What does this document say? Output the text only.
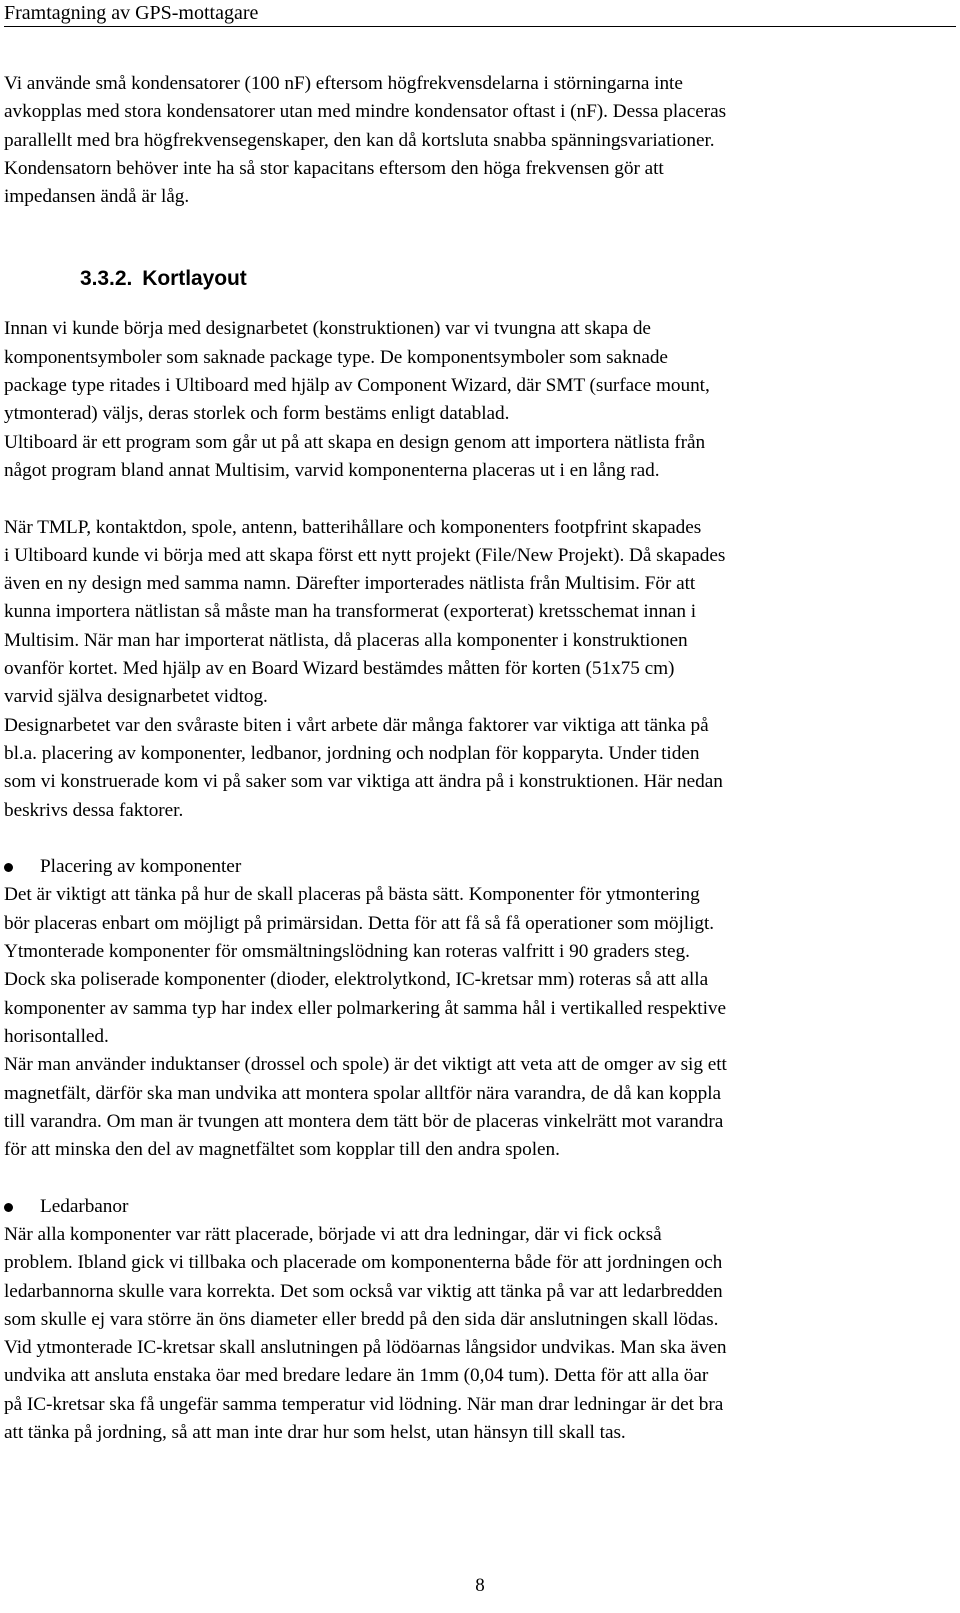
Framtagning av GPS-mottagare

Vi använde små kondensatorer (100 nF) eftersom högfrekvensdelarna i störningarna inte

avkopplas med stora kondensatorer utan med mindre kondensator oftast i (nF). Dessa placeras

parallellt med bra högfrekvensegenskaper, den kan då kortsluta snabba spänningsvariationer.

Kondensatorn behöver inte ha så stor kapacitans eftersom den höga frekvensen gör att

impedansen ändå är låg.

3.3.2. Kortlayout

Innan vi kunde börja med designarbetet (konstruktionen) var vi tvungna att skapa de

komponentsymboler som saknade package type. De komponentsymboler som saknade

package type ritades i Ultiboard med hjälp av Component Wizard, där SMT (surface mount,

ytmonterad) väljs, deras storlek och form bestäms enligt datablad.

Ultiboard är ett program som går ut på att skapa en design genom att importera nätlista från

något program bland annat Multisim, varvid komponenterna placeras ut i en lång rad.

När TMLP, kontaktdon, spole, antenn, batterihållare och komponenters footpfrint skapades

i Ultiboard kunde vi börja med att skapa först ett nytt projekt (File/New Projekt). Då skapades

även en ny design med samma namn. Därefter importerades nätlista från Multisim. För att

kunna importera nätlistan så måste man ha transformerat (exporterat) kretsschemat innan i

Multisim. När man har importerat nätlista, då placeras alla komponenter i konstruktionen

ovanför kortet. Med hjälp av en Board Wizard bestämdes måtten för korten (51x75 cm)

varvid själva designarbetet vidtog.

Designarbetet var den svåraste biten i vårt arbete där många faktorer var viktiga att tänka på

bl.a. placering av komponenter, ledbanor, jordning och nodplan för kopparyta. Under tiden

som vi konstruerade kom vi på saker som var viktiga att ändra på i konstruktionen. Här nedan

beskrivs dessa faktorer.

Placering av komponenter

Det är viktigt att tänka på hur de skall placeras på bästa sätt. Komponenter för ytmontering

bör placeras enbart om möjligt på primärsidan. Detta för att få så få operationer som möjligt.

Ytmonterade komponenter för omsmältningslödning kan roteras valfritt i 90 graders steg.

Dock ska poliserade komponenter (dioder, elektrolytkond, IC-kretsar mm) roteras så att alla

komponenter av samma typ har index eller polmarkering åt samma hål i vertikalled respektive

horisontalled.

När man använder induktanser (drossel och spole) är det viktigt att veta att de omger av sig ett

magnetfält, därför ska man undvika att montera spolar alltför nära varandra, de då kan koppla

till varandra. Om man är tvungen att montera dem tätt bör de placeras vinkelrätt mot varandra

för att minska den del av magnetfältet som kopplar till den andra spolen.

Ledarbanor

När alla komponenter var rätt placerade, började vi att dra ledningar, där vi fick också

problem. Ibland gick vi tillbaka och placerade om komponenterna både för att jordningen och

ledarbannorna skulle vara korrekta. Det som också var viktig att tänka på var att ledarbredden

som skulle ej vara större än öns diameter eller bredd på den sida där anslutningen skall lödas.

Vid ytmonterade IC-kretsar skall anslutningen på lödöarnas långsidor undvikas. Man ska även

undvika att ansluta enstaka öar med bredare ledare än 1mm (0,04 tum). Detta för att alla öar

på IC-kretsar ska få ungefär samma temperatur vid lödning. När man drar ledningar är det bra

att tänka på jordning, så att man inte drar hur som helst, utan hänsyn till skall tas.

8
